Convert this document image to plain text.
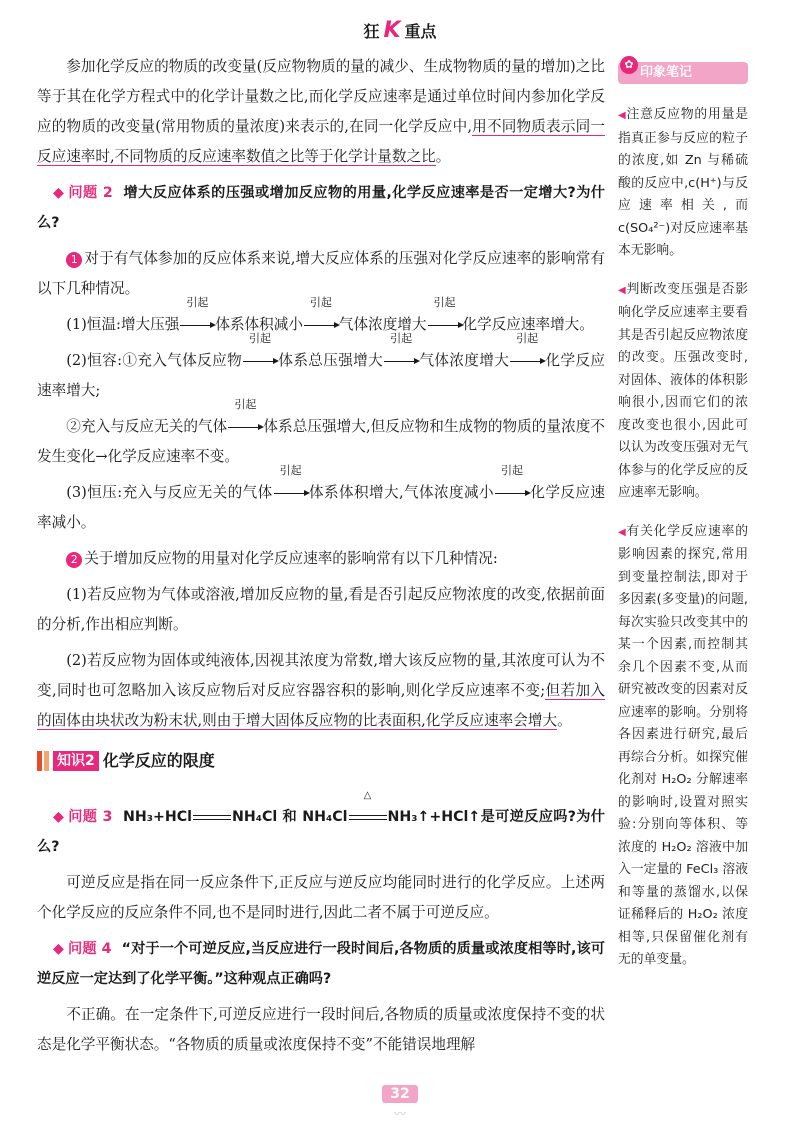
狂 K 重点

参加化学反应的物质的改变量(反应物物质的量的减少、生成物物质的量的增加)之比等于其在化学方程式中的化学计量数之比,而化学反应速率是通过单位时间内参加化学反应的物质的改变量(常用物质的量浓度)来表示的,在同一化学反应中,用不同物质表示同一反应速率时,不同物质的反应速率数值之比等于化学计量数之比。

◆ 问题 2 增大反应体系的压强或增加反应物的用量,化学反应速率是否一定增大?为什么?

1 对于有气体参加的反应体系来说,增大反应体系的压强对化学反应速率的影响常有以下几种情况。

(1)恒温:增大压强
引起
体系体积减小
引起
气体浓度增大
引起
化学反应速率增大。

(2)恒容:①充入气体反应物
引起
体系总压强增大
引起
气体浓度增大
引起
化学反应速率增大;

②充入与反应无关的气体
引起
体系总压强增大,但反应物和生成物的物质的量浓度不发生变化→化学反应速率不变。

(3)恒压:充入与反应无关的气体
引起
体系体积增大,气体浓度减小
引起
化学反应速率减小。

2 关于增加反应物的用量对化学反应速率的影响常有以下几种情况:

(1)若反应物为气体或溶液,增加反应物的量,看是否引起反应物浓度的改变,依据前面的分析,作出相应判断。

(2)若反应物为固体或纯液体,因视其浓度为常数,增大该反应物的量,其浓度可认为不变,同时也可忽略加入该反应物后对反应容器容积的影响,则化学反应速率不变;但若加入的固体由块状改为粉末状,则由于增大固体反应物的比表面积,化学反应速率会增大。

知识2 化学反应的限度
◆ 问题 3 NH₃+HCl	NH₄Cl 和 NH₄Cl
△
NH₃↑+HCl↑是可逆反应吗?为什么?

可逆反应是指在同一反应条件下,正反应与逆反应均能同时进行的化学反应。上述两个化学反应的反应条件不同,也不是同时进行,因此二者不属于可逆反应。

◆ 问题 4 “对于一个可逆反应,当反应进行一段时间后,各物质的质量或浓度相等时,该可逆反应一定达到了化学平衡。”这种观点正确吗?

不正确。在一定条件下,可逆反应进行一段时间后,各物质的质量或浓度保持不变的状态是化学平衡状态。“各物质的质量或浓度保持不变”不能错误地理解

✿
印象笔记
◀注意反应物的用量是指真正参与反应的粒子的浓度,如 Zn 与稀硫酸的反应中,c(H⁺)与反应速率相关,而c(SO₄²⁻)对反应速率基本无影响。
◀判断改变压强是否影响化学反应速率主要看其是否引起反应物浓度的改变。压强改变时,对固体、液体的体积影响很小,因而它们的浓度改变也很小,因此可以认为改变压强对无气体参与的化学反应的反应速率无影响。
◀有关化学反应速率的影响因素的探究,常用到变量控制法,即对于多因素(多变量)的问题,每次实验只改变其中的某一个因素,而控制其余几个因素不变,从而研究被改变的因素对反应速率的影响。分别将各因素进行研究,最后再综合分析。如探究催化剂对 H₂O₂ 分解速率的影响时,设置对照实验:分别向等体积、等浓度的 H₂O₂ 溶液中加入一定量的 FeCl₃ 溶液和等量的蒸馏水,以保证稀释后的 H₂O₂ 浓度相等,只保留催化剂有无的单变量。
32
〰
